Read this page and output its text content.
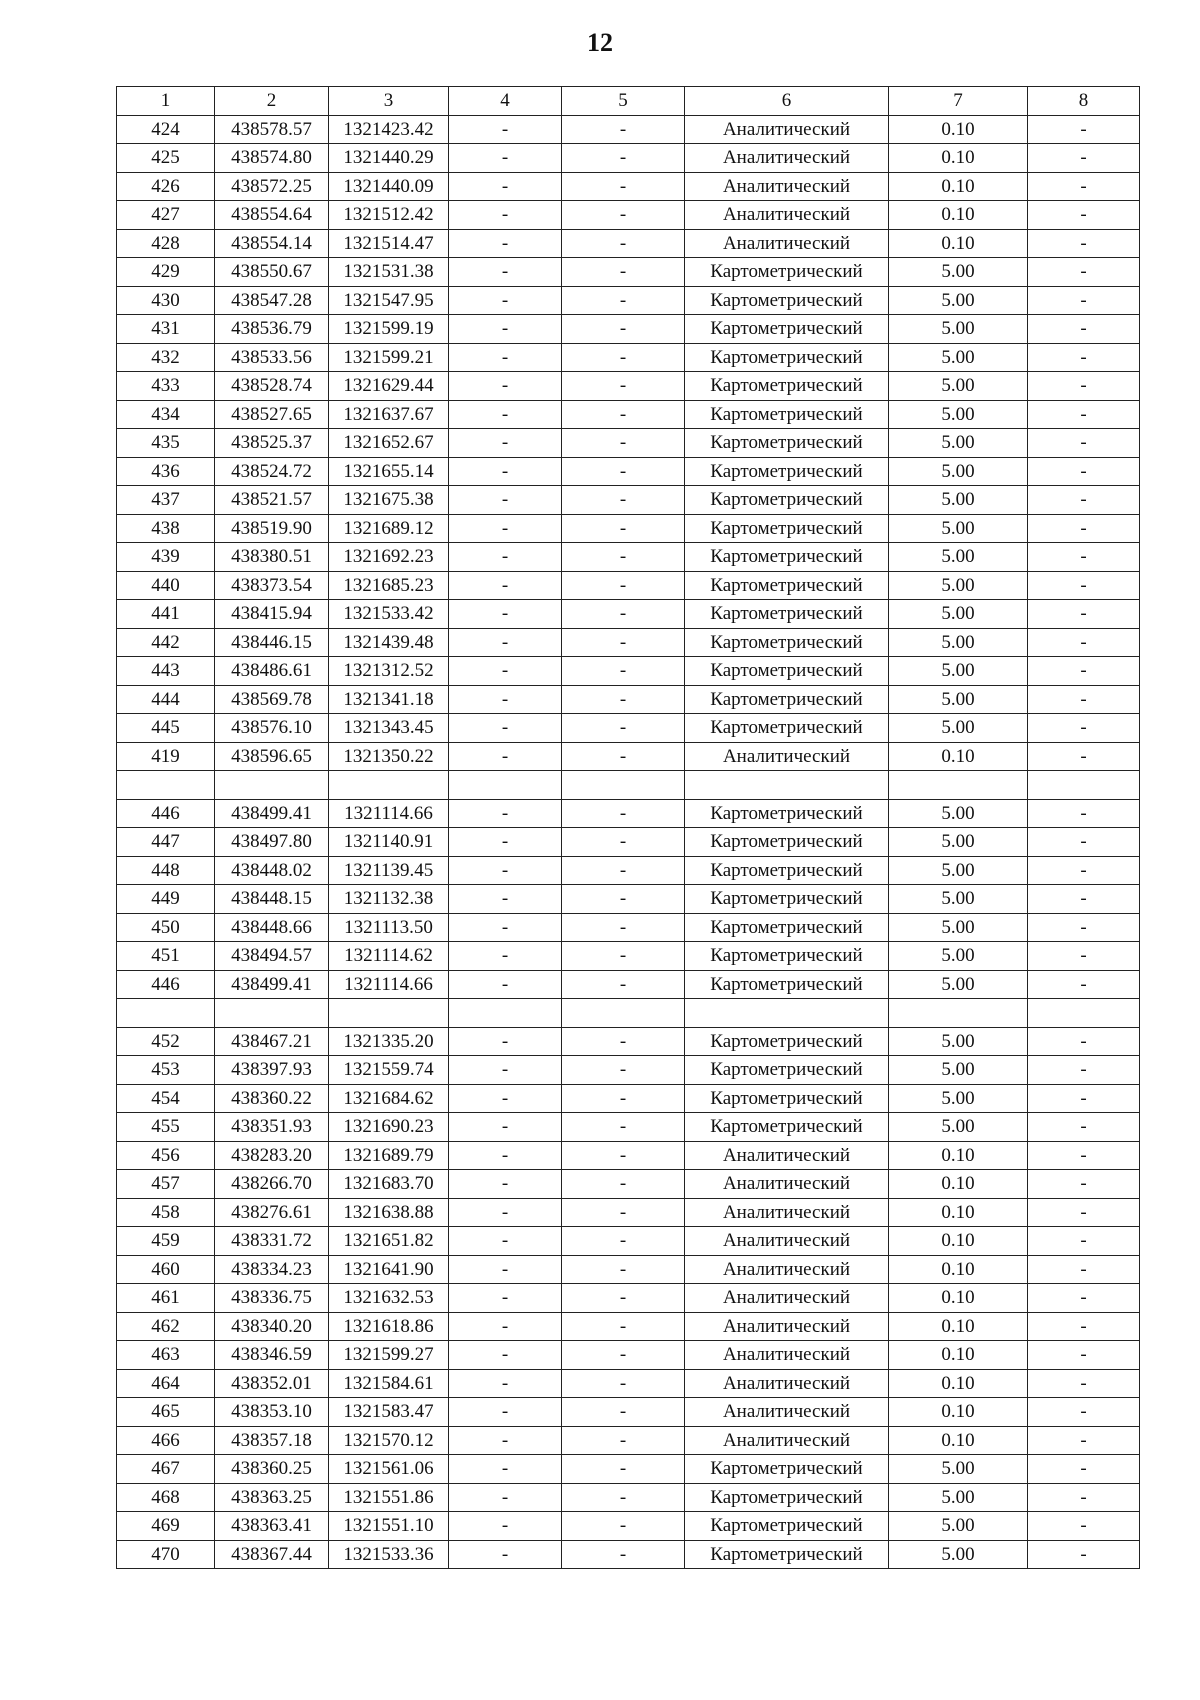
12
1	2	3	4	5	6	7	8
424	438578.57	1321423.42	-	-	Аналитический	0.10	-
425	438574.80	1321440.29	-	-	Аналитический	0.10	-
426	438572.25	1321440.09	-	-	Аналитический	0.10	-
427	438554.64	1321512.42	-	-	Аналитический	0.10	-
428	438554.14	1321514.47	-	-	Аналитический	0.10	-
429	438550.67	1321531.38	-	-	Картометрический	5.00	-
430	438547.28	1321547.95	-	-	Картометрический	5.00	-
431	438536.79	1321599.19	-	-	Картометрический	5.00	-
432	438533.56	1321599.21	-	-	Картометрический	5.00	-
433	438528.74	1321629.44	-	-	Картометрический	5.00	-
434	438527.65	1321637.67	-	-	Картометрический	5.00	-
435	438525.37	1321652.67	-	-	Картометрический	5.00	-
436	438524.72	1321655.14	-	-	Картометрический	5.00	-
437	438521.57	1321675.38	-	-	Картометрический	5.00	-
438	438519.90	1321689.12	-	-	Картометрический	5.00	-
439	438380.51	1321692.23	-	-	Картометрический	5.00	-
440	438373.54	1321685.23	-	-	Картометрический	5.00	-
441	438415.94	1321533.42	-	-	Картометрический	5.00	-
442	438446.15	1321439.48	-	-	Картометрический	5.00	-
443	438486.61	1321312.52	-	-	Картометрический	5.00	-
444	438569.78	1321341.18	-	-	Картометрический	5.00	-
445	438576.10	1321343.45	-	-	Картометрический	5.00	-
419	438596.65	1321350.22	-	-	Аналитический	0.10	-

446	438499.41	1321114.66	-	-	Картометрический	5.00	-
447	438497.80	1321140.91	-	-	Картометрический	5.00	-
448	438448.02	1321139.45	-	-	Картометрический	5.00	-
449	438448.15	1321132.38	-	-	Картометрический	5.00	-
450	438448.66	1321113.50	-	-	Картометрический	5.00	-
451	438494.57	1321114.62	-	-	Картометрический	5.00	-
446	438499.41	1321114.66	-	-	Картометрический	5.00	-

452	438467.21	1321335.20	-	-	Картометрический	5.00	-
453	438397.93	1321559.74	-	-	Картометрический	5.00	-
454	438360.22	1321684.62	-	-	Картометрический	5.00	-
455	438351.93	1321690.23	-	-	Картометрический	5.00	-
456	438283.20	1321689.79	-	-	Аналитический	0.10	-
457	438266.70	1321683.70	-	-	Аналитический	0.10	-
458	438276.61	1321638.88	-	-	Аналитический	0.10	-
459	438331.72	1321651.82	-	-	Аналитический	0.10	-
460	438334.23	1321641.90	-	-	Аналитический	0.10	-
461	438336.75	1321632.53	-	-	Аналитический	0.10	-
462	438340.20	1321618.86	-	-	Аналитический	0.10	-
463	438346.59	1321599.27	-	-	Аналитический	0.10	-
464	438352.01	1321584.61	-	-	Аналитический	0.10	-
465	438353.10	1321583.47	-	-	Аналитический	0.10	-
466	438357.18	1321570.12	-	-	Аналитический	0.10	-
467	438360.25	1321561.06	-	-	Картометрический	5.00	-
468	438363.25	1321551.86	-	-	Картометрический	5.00	-
469	438363.41	1321551.10	-	-	Картометрический	5.00	-
470	438367.44	1321533.36	-	-	Картометрический	5.00	-
